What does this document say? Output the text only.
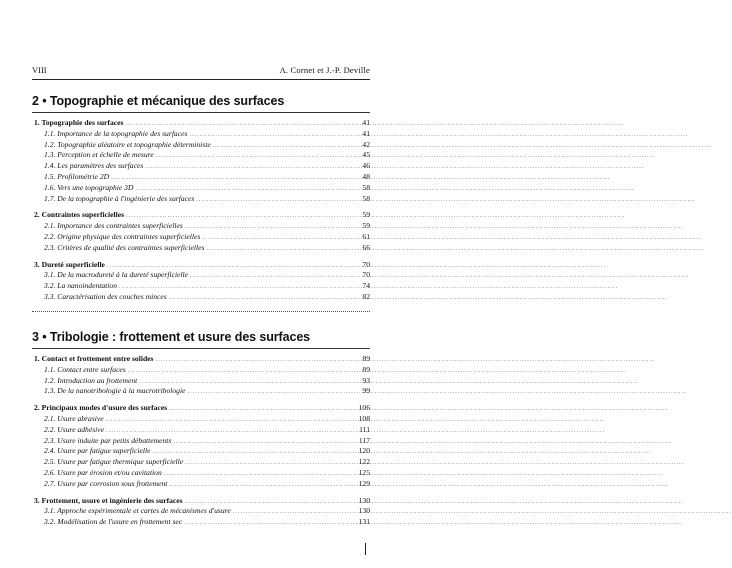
VIII	A. Cornet et J.-P. Deville
2 • Topographie et mécanique des surfaces
1. Topographie des surfaces .....	41
1.1. Importance de la topographie des surfaces .....	41
1.2. Topographie aléatoire et topographie déterministe .....	42
1.3. Perception et échelle de mesure .....	45
1.4. Les paramètres des surfaces .....	46
1.5. Profilométrie 2D .....	48
1.6. Vers une topographie 3D .....	58
1.7. De la topographie à l'ingénierie des surfaces .....	58
2. Contraintes superficielles .....	59
2.1. Importance des contraintes superficielles .....	59
2.2. Origine physique des contraintes superficielles .....	61
2.3. Critères de qualité des contraintes superficielles .....	66
3. Dureté superficielle .....	70
3.1. De la macrodureté à la dureté superficielle .....	70
3.2. La nanoindentation .....	74
3.3. Caractérisation des couches minces .....	82
3 • Tribologie : frottement et usure des surfaces
1. Contact et frottement entre solides .....	89
1.1. Contact entre surfaces .....	89
1.2. Introduction au frottement .....	93
1.3. De la nanotribologie à la macrotribologie .....	99
2. Principaux modes d'usure des surfaces .....	106
2.1. Usure abrasive .....	108
2.2. Usure adhésive .....	111
2.3. Usure induite par petits débattements .....	117
2.4. Usure par fatigue superficielle .....	120
2.5. Usure par fatigue thermique superficielle .....	122
2.6. Usure par érosion et/ou cavitation .....	125
2.7. Usure par corrosion sous frottement .....	129
3. Frottement, usure et ingénierie des surfaces .....	130
3.1. Approche expérimentale et cartes de mécanismes d'usure .....	130
3.2. Modélisation de l'usure en frottement sec .....	131
